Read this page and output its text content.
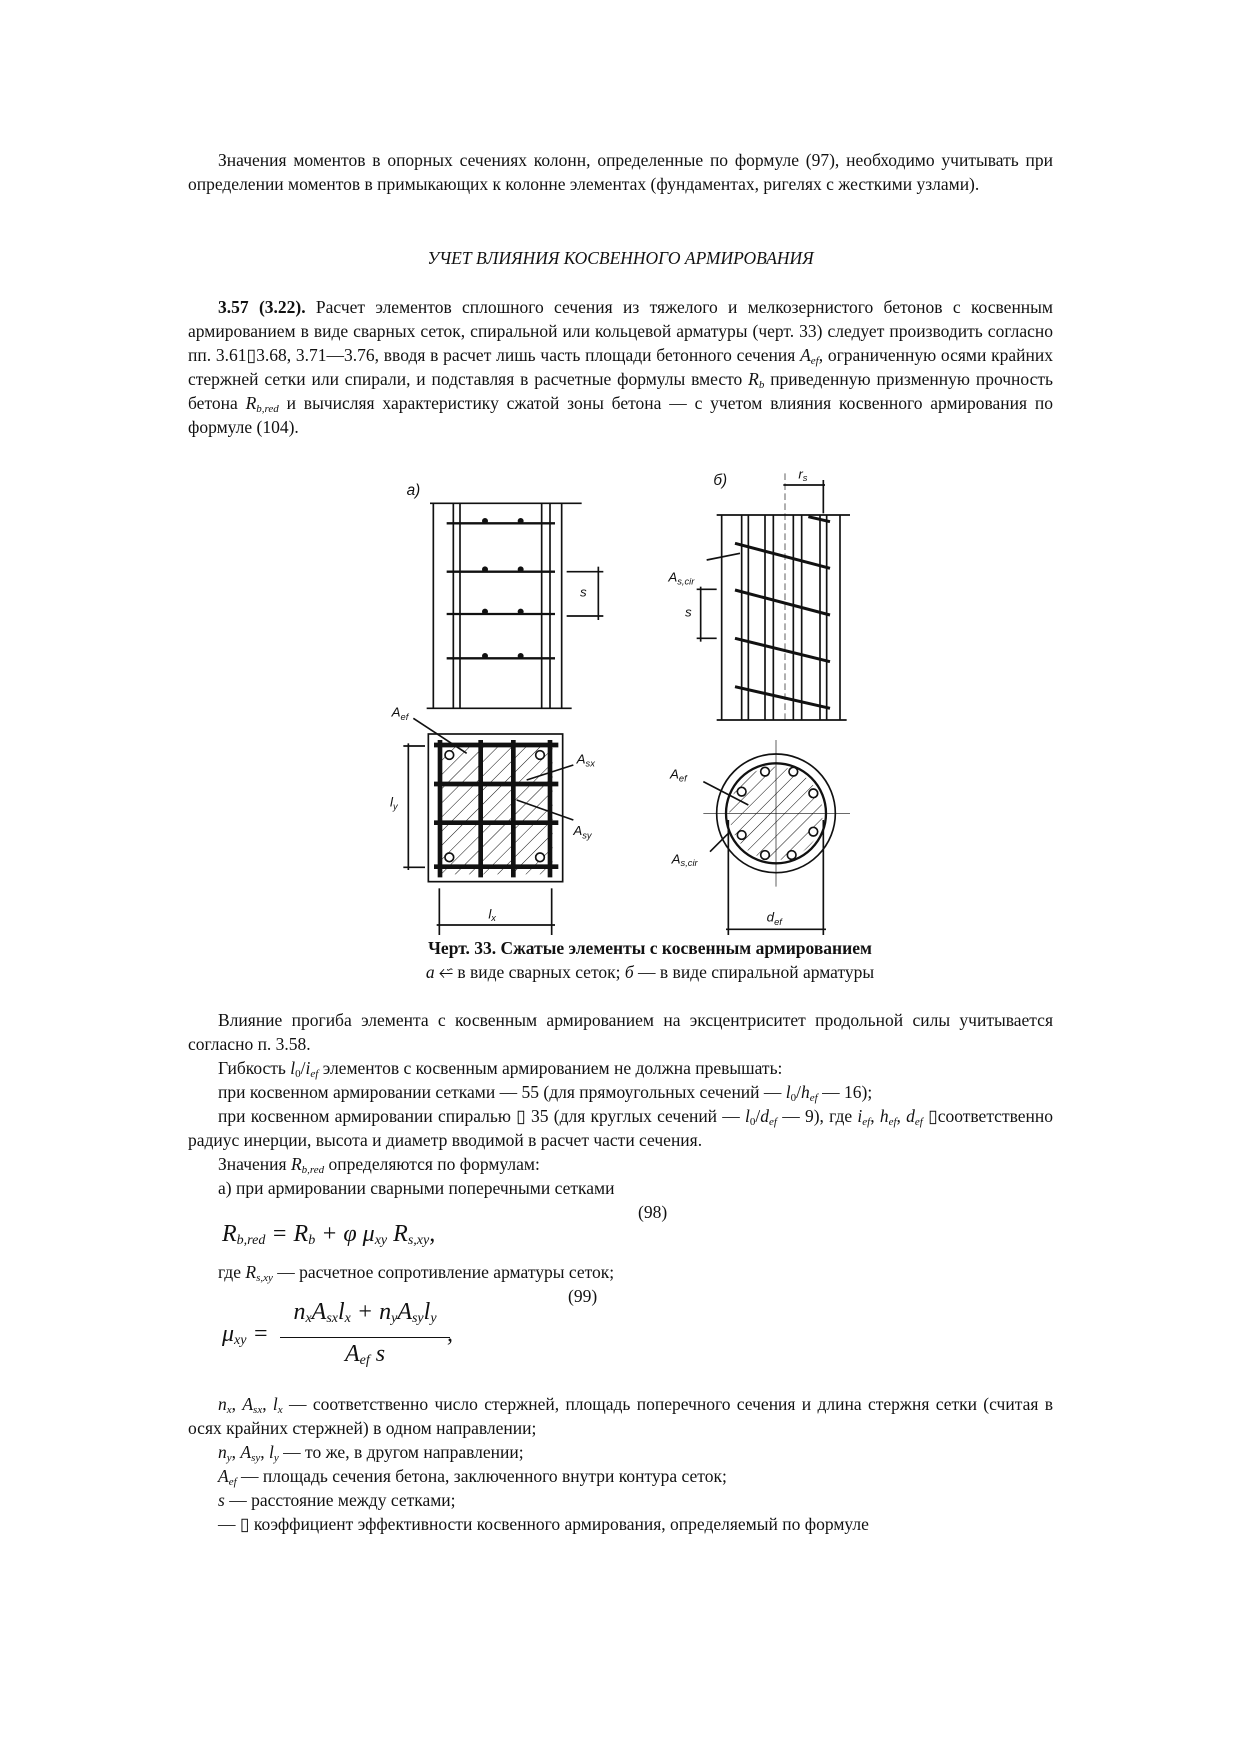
Значения моментов в опорных сечениях колонн, определенные по формуле (97), необходимо учитывать при определении моментов в примыкающих к колонне элементах (фундаментах, ригелях с жесткими узлами).

УЧЕТ ВЛИЯНИЯ КОСВЕННОГО АРМИРОВАНИЯ

3.57 (3.22). Расчет элементов сплошного сечения из тяжелого и мелкозернистого бетонов с косвенным армированием в виде сварных сеток, спиральной или кольцевой арматуры (черт. 33) следует производить согласно пп. 3.61▯3.68, 3.71—3.76, вводя в расчет лишь часть площади бетонного сечения $A_{ef}$, ограниченную осями крайних стержней сетки или спирали, и подставляя в расчетные формулы вместо $R_b$ приведенную призменную прочность бетона $R_{b,red}$ и вычисляя характеристику сжатой зоны бетона — с учетом влияния косвенного армирования по формуле (104).

а)
s
$A_{ef}$
$A_{sx}$
$A_{sy}$
$l_y$
$l_x$
б) $r_s$
$A_{s,cir}$
s
$A_{ef}$
$A_{s,cir}$
$d_{ef}$
Черт. 33. Сжатые элементы с косвенным армированием
а ⭁ в виде сварных сеток; б — в виде спиральной арматуры

Влияние прогиба элемента с косвенным армированием на эксцентриситет продольной силы учитывается согласно п. 3.58.

Гибкость $l_0/i_{ef}$ элементов с косвенным армированием не должна превышать:

при косвенном армировании сетками — 55 (для прямоугольных сечений — $l_0/h_{ef}$ — 16);

при косвенном армировании спиралью ▯ 35 (для круглых сечений — $l_0/d_{ef}$ — 9), где $i_{ef}$, $h_{ef}$, $d_{ef}$ ▯соответственно радиус инерции, высота и диаметр вводимой в расчет части сечения.

Значения $R_{b,red}$ определяются по формулам:

а) при армировании сварными поперечными сетками

(98)
$R_{b,red} = R_b + \varphi$ $\mu_{xy}$ $R_{s,xy}$,

где $R_{s,xy}$ — расчетное сопротивление арматуры сеток;

(99)
$\mu_{xy}$ =
$n_xA_{sx}l_x + n_yA_{sy}l_y$
,
$A_{ef}$ s

$n_x$, $A_{sx}$, $l_x$ — соответственно число стержней, площадь поперечного сечения и длина стержня сетки (считая в осях крайних стержней) в одном направлении;

$n_y$, $A_{sy}$, $l_y$ — то же, в другом направлении;

$A_{ef}$ — площадь сечения бетона, заключенного внутри контура сеток;

s — расстояние между сетками;

— ▯ коэффициент эффективности косвенного армирования, определяемый по формуле
